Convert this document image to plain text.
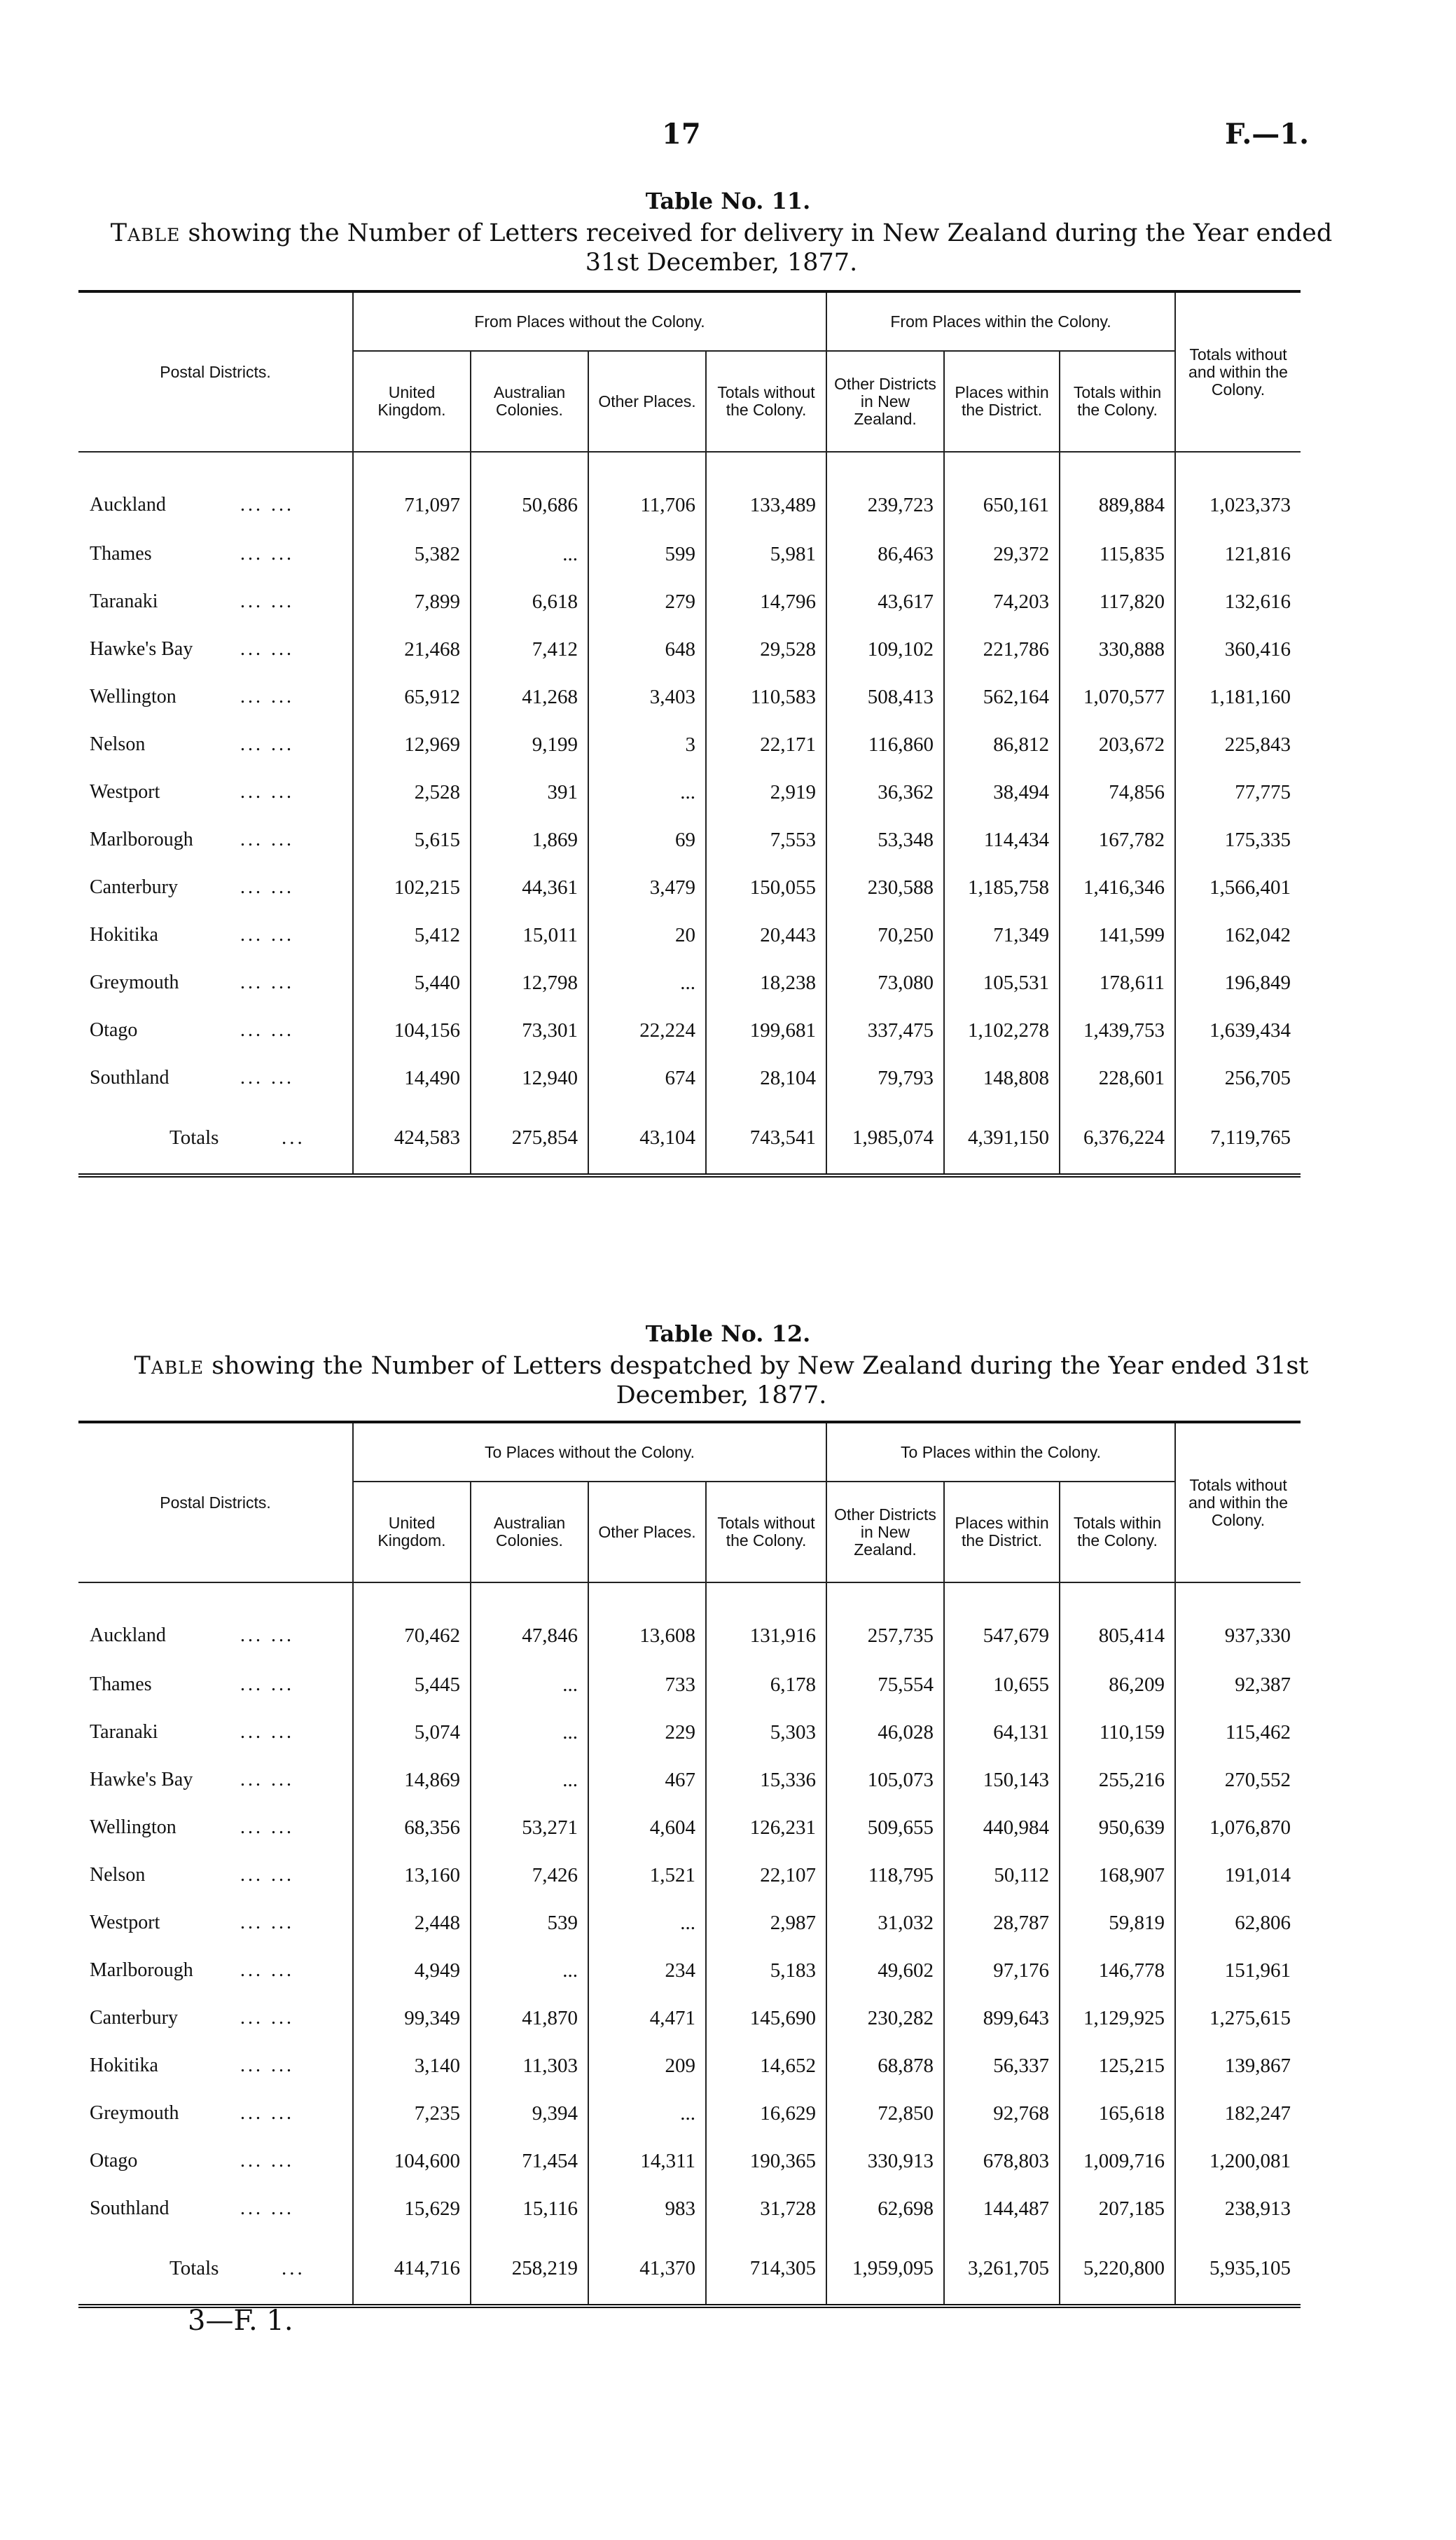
17	F.—1.
Table No. 11.
Table showing the Number of Letters received for delivery in New Zealand during the Year ended 31st December, 1877.
Postal Districts.	From Places without the Colony.				From Places within the Colony.			Totals without and within the Colony.
	United Kingdom.	Australian Colonies.	Other Places.	Totals without the Colony.	Other Districts in New Zealand.	Places within the District.	Totals within the Colony.	
Auckland ... ...	71,097	50,686	11,706	133,489	239,723	650,161	889,884	1,023,373
Thames ... ...	5,382	...	599	5,981	86,463	29,372	115,835	121,816
Taranaki ... ...	7,899	6,618	279	14,796	43,617	74,203	117,820	132,616
Hawke's Bay ... ...	21,468	7,412	648	29,528	109,102	221,786	330,888	360,416
Wellington ... ...	65,912	41,268	3,403	110,583	508,413	562,164	1,070,577	1,181,160
Nelson ... ...	12,969	9,199	3	22,171	116,860	86,812	203,672	225,843
Westport ... ...	2,528	391	...	2,919	36,362	38,494	74,856	77,775
Marlborough ... ...	5,615	1,869	69	7,553	53,348	114,434	167,782	175,335
Canterbury ... ...	102,215	44,361	3,479	150,055	230,588	1,185,758	1,416,346	1,566,401
Hokitika ... ...	5,412	15,011	20	20,443	70,250	71,349	141,599	162,042
Greymouth ... ...	5,440	12,798	...	18,238	73,080	105,531	178,611	196,849
Otago ... ...	104,156	73,301	22,224	199,681	337,475	1,102,278	1,439,753	1,639,434
Southland ... ...	14,490	12,940	674	28,104	79,793	148,808	228,601	256,705
Totals ...	424,583	275,854	43,104	743,541	1,985,074	4,391,150	6,376,224	7,119,765
Table No. 12.
Table showing the Number of Letters despatched by New Zealand during the Year ended 31st December, 1877.
Postal Districts.	To Places without the Colony.				To Places within the Colony.			Totals without and within the Colony.
	United Kingdom.	Australian Colonies.	Other Places.	Totals without the Colony.	Other Districts in New Zealand.	Places within the District.	Totals within the Colony.	
Auckland ... ...	70,462	47,846	13,608	131,916	257,735	547,679	805,414	937,330
Thames ... ...	5,445	...	733	6,178	75,554	10,655	86,209	92,387
Taranaki ... ...	5,074	...	229	5,303	46,028	64,131	110,159	115,462
Hawke's Bay ... ...	14,869	...	467	15,336	105,073	150,143	255,216	270,552
Wellington ... ...	68,356	53,271	4,604	126,231	509,655	440,984	950,639	1,076,870
Nelson ... ...	13,160	7,426	1,521	22,107	118,795	50,112	168,907	191,014
Westport ... ...	2,448	539	...	2,987	31,032	28,787	59,819	62,806
Marlborough ... ...	4,949	...	234	5,183	49,602	97,176	146,778	151,961
Canterbury ... ...	99,349	41,870	4,471	145,690	230,282	899,643	1,129,925	1,275,615
Hokitika ... ...	3,140	11,303	209	14,652	68,878	56,337	125,215	139,867
Greymouth ... ...	7,235	9,394	...	16,629	72,850	92,768	165,618	182,247
Otago ... ...	104,600	71,454	14,311	190,365	330,913	678,803	1,009,716	1,200,081
Southland ... ...	15,629	15,116	983	31,728	62,698	144,487	207,185	238,913
Totals ...	414,716	258,219	41,370	714,305	1,959,095	3,261,705	5,220,800	5,935,105
3—F. 1.
